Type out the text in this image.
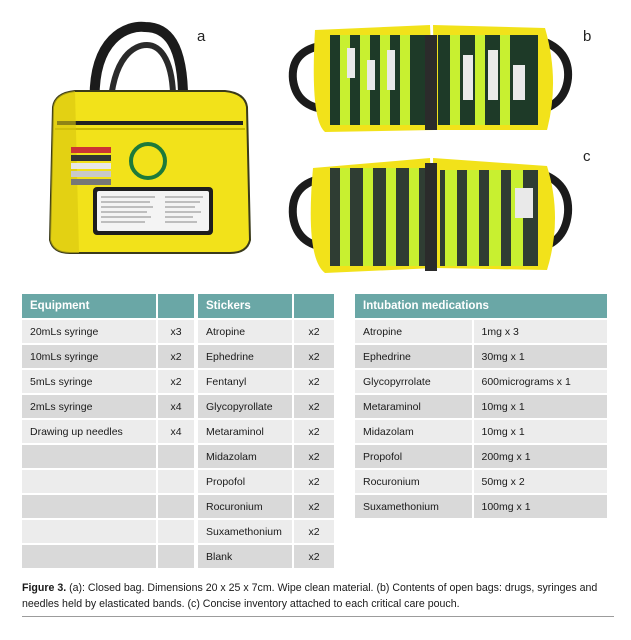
a	b
c
Equipment	
20mLs syringe	x3
10mLs syringe	x2
5mLs syringe	x2
2mLs syringe	x4
Drawing up needles	x4

Stickers	
Atropine	x2
Ephedrine	x2
Fentanyl	x2
Glycopyrollate	x2
Metaraminol	x2
Midazolam	x2
Propofol	x2
Rocuronium	x2
Suxamethonium	x2
Blank	x2
Intubation medications	
Atropine	1mg x 3
Ephedrine	30mg x 1
Glycopyrrolate	600micrograms x 1
Metaraminol	10mg x 1
Midazolam	10mg x 1
Propofol	200mg x 1
Rocuronium	50mg x 2
Suxamethonium	100mg x 1
Figure 3. (a): Closed bag. Dimensions 20 x 25 x 7cm. Wipe clean material. (b) Contents of open bags: drugs, syringes and needles held by elasticated bands. (c) Concise inventory attached to each critical care pouch.
